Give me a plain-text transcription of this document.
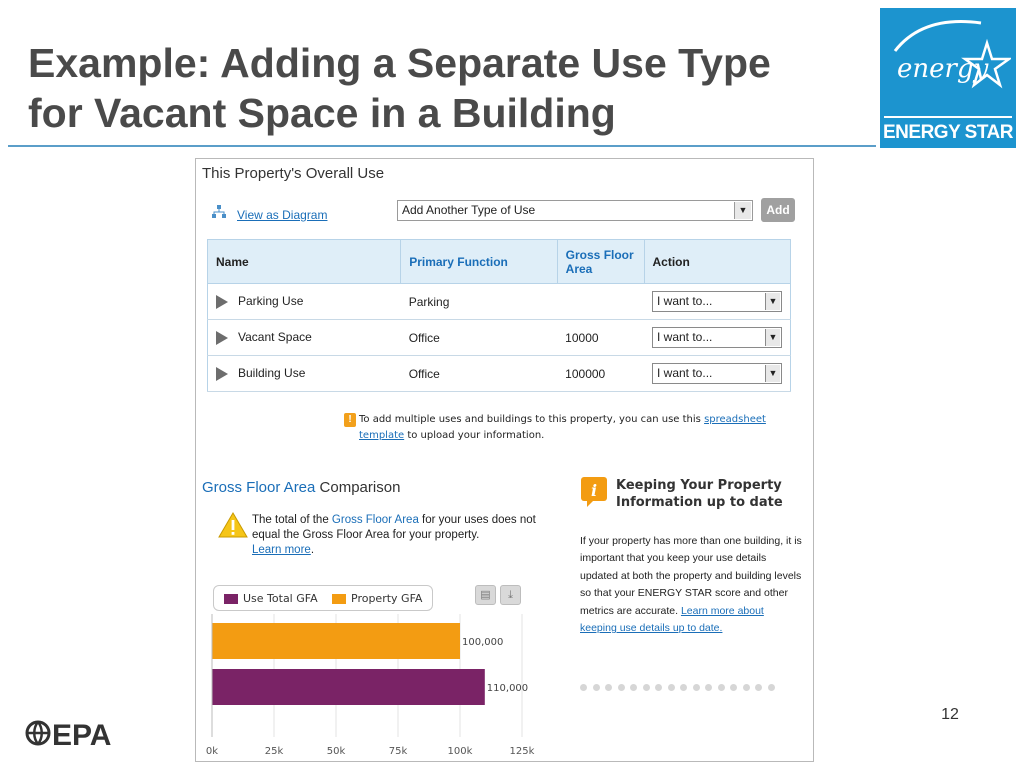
Example: Adding a Separate Use Type
for Vacant Space in a Building
energy
ENERGY STAR
This Property's Overall Use
View as Diagram	Add Another Type of Use	▼	Add
Name	Primary Function	Gross Floor Area	Action
Parking Use	Parking		I want to... ▼

Vacant Space	Office	10000	I want to... ▼

Building Use	Office	100000	I want to... ▼
! To add multiple uses and buildings to this property, you can use this spreadsheet
template to upload your information.
Gross Floor Area Comparison
The total of the Gross Floor Area for your uses does not equal the Gross Floor Area for your property.
Learn more.
Use Total GFA	Property GFA	▤	⤓
0k	25k	50k	75k	100k	125k
100,000
110,000
i Keeping Your Property Information up to date
If your property has more than one building, it is important that you keep your use details updated at both the property and building levels so that your ENERGY STAR score and other metrics are accurate. Learn more about keeping use details up to date.
EPA
12
